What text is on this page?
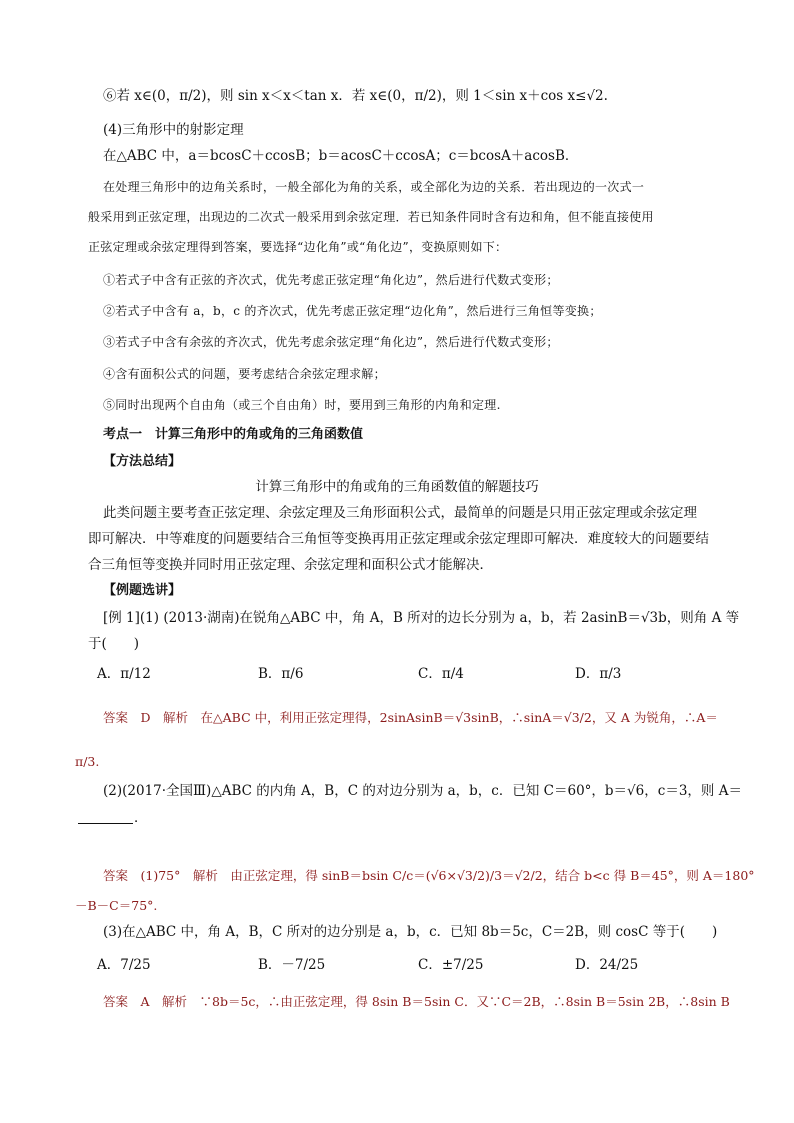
⑥若 x∈(0，π/2)，则 sin x＜x＜tan x．若 x∈(0，π/2)，则 1＜sin x＋cos x≤√2.
(4)三角形中的射影定理
在△ABC 中，a＝bcosC＋ccosB；b＝acosC＋ccosA；c＝bcosA＋acosB．
在处理三角形中的边角关系时，一般全部化为角的关系，或全部化为边的关系．若出现边的一次式一
般采用到正弦定理，出现边的二次式一般采用到余弦定理．若已知条件同时含有边和角，但不能直接使用
正弦定理或余弦定理得到答案，要选择“边化角”或“角化边”，变换原则如下：
①若式子中含有正弦的齐次式，优先考虑正弦定理“角化边”，然后进行代数式变形；
②若式子中含有 a，b，c 的齐次式，优先考虑正弦定理“边化角”，然后进行三角恒等变换；
③若式子中含有余弦的齐次式，优先考虑余弦定理“角化边”，然后进行代数式变形；
④含有面积公式的问题，要考虑结合余弦定理求解；
⑤同时出现两个自由角（或三个自由角）时，要用到三角形的内角和定理.
考点一　计算三角形中的角或角的三角函数值
【方法总结】
计算三角形中的角或角的三角函数值的解题技巧
此类问题主要考查正弦定理、余弦定理及三角形面积公式，最简单的问题是只用正弦定理或余弦定理
即可解决．中等难度的问题要结合三角恒等变换再用正弦定理或余弦定理即可解决．难度较大的问题要结
合三角恒等变换并同时用正弦定理、余弦定理和面积公式才能解决．
【例题选讲】
[例 1](1) (2013·湖南)在锐角△ABC 中，角 A，B 所对的边长分别为 a，b，若 2asinB＝√3b，则角 A 等
于(　　)
A．π/12	B．π/6	C．π/4	D．π/3
答案　D　解析　在△ABC 中，利用正弦定理得，2sinAsinB＝√3sinB，∴sinA＝√3/2，又 A 为锐角，∴A＝
π/3.
(2)(2017·全国Ⅲ)△ABC 的内角 A，B，C 的对边分别为 a，b，c．已知 C＝60°，b＝√6，c＝3，则 A＝
．
答案　(1)75°　解析　由正弦定理，得 sinB＝bsin C/c＝(√6×√3/2)/3＝√2/2，结合 b<c 得 B＝45°，则 A＝180°
－B－C＝75°.
(3)在△ABC 中，角 A，B，C 所对的边分别是 a，b，c．已知 8b＝5c，C＝2B，则 cosC 等于(　　)
A．7/25	B．－7/25	C．±7/25	D．24/25
答案　A　解析　∵8b＝5c，∴由正弦定理，得 8sin B＝5sin C．又∵C＝2B，∴8sin B＝5sin 2B，∴8sin B
